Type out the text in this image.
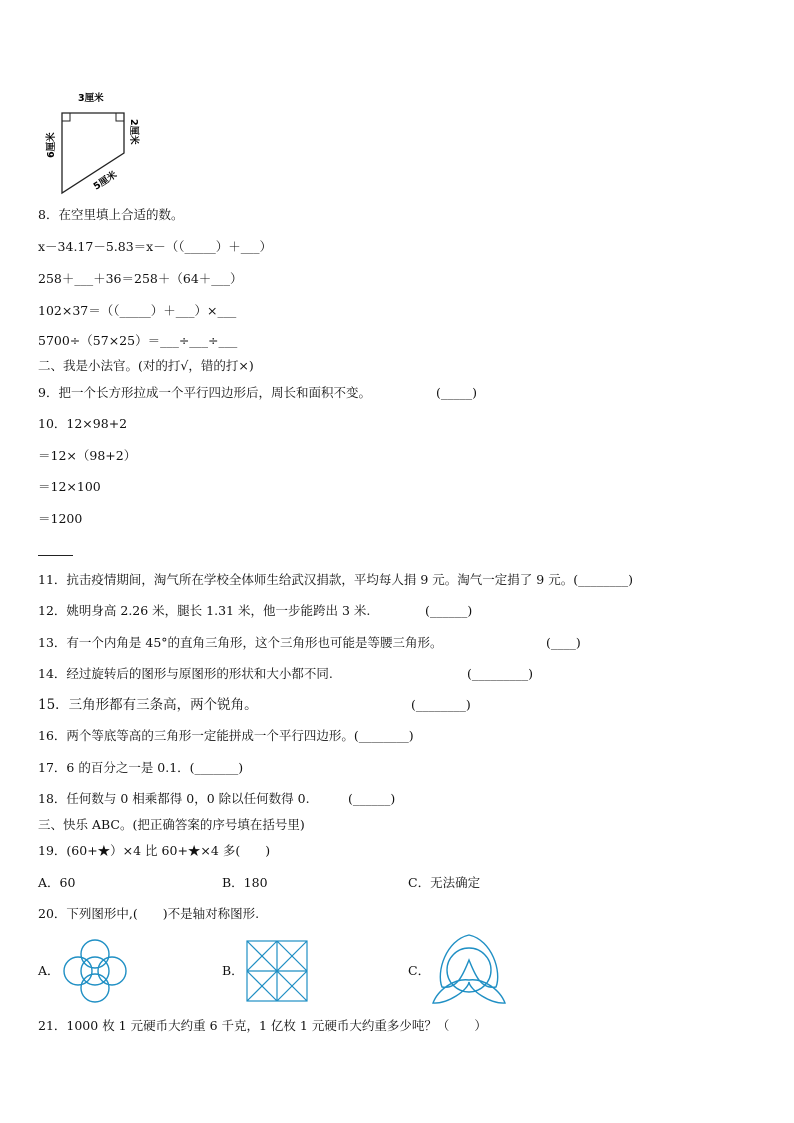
3厘米
2厘米
6厘米
5厘米
8．在空里填上合适的数。
x－34.17－5.83＝x－（（_____）＋___）
258＋___＋36＝258＋（64＋___）
102×37＝（（_____）＋___）×___
5700÷（57×25）＝___÷___÷___
二、我是小法官。(对的打√，错的打×)
9．把一个长方形拉成一个平行四边形后，周长和面积不变。	(_____)
10．12×98+2
＝12×（98+2）
＝12×100
＝1200
11．抗击疫情期间，淘气所在学校全体师生给武汉捐款，平均每人捐 9 元。淘气一定捐了 9 元。(________)
12．姚明身高 2.26 米，腿长 1.31 米，他一步能跨出 3 米.	(______)
13．有一个内角是 45°的直角三角形，这个三角形也可能是等腰三角形。	(____)
14．经过旋转后的图形与原图形的形状和大小都不同.	(_________)
15．三角形都有三条高，两个锐角。	(________)
16．两个等底等高的三角形一定能拼成一个平行四边形。(________)
17．6 的百分之一是 0.1．(_______)
18．任何数与 0 相乘都得 0，0 除以任何数得 0.	(______)
三、快乐 ABC。(把正确答案的序号填在括号里)
19．(60+★）×4 比 60+★×4 多(　　)
A．60	B．180	C．无法确定
20．下列图形中,(　　)不是轴对称图形.
A．	B．	C．
21．1000 枚 1 元硬币大约重 6 千克，1 亿枚 1 元硬币大约重多少吨？（　　）
